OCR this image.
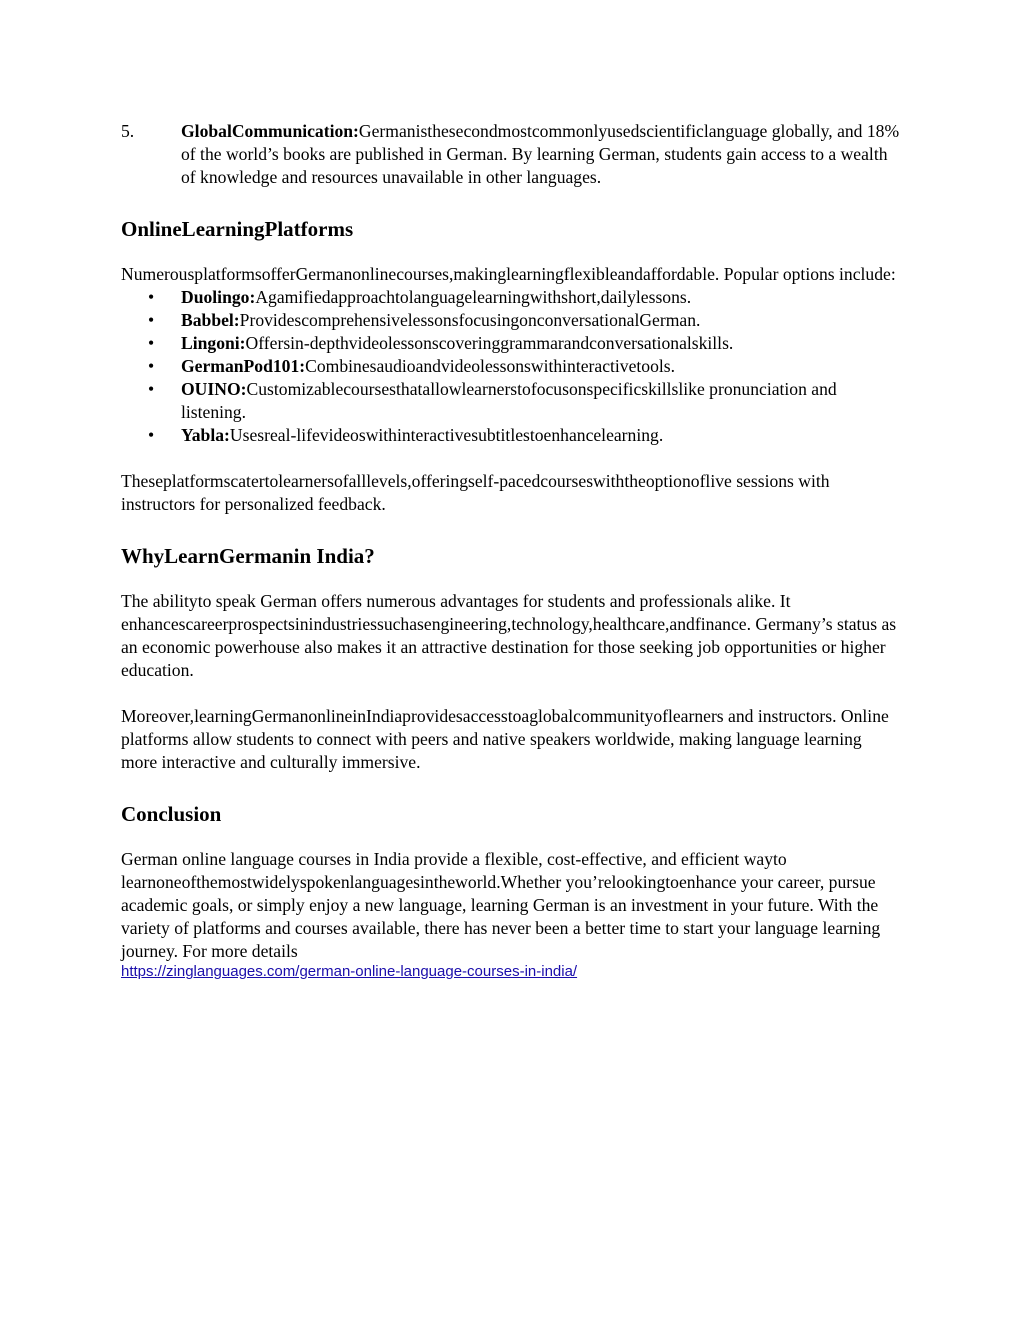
5.	GlobalCommunication:Germanisthesecondmostcommonlyusedscientificlanguage globally, and 18% of the world’s books are published in German. By learning German, students gain access to a wealth of knowledge and resources unavailable in other languages.
OnlineLearningPlatforms

NumerousplatformsofferGermanonlinecourses,makinglearningflexibleandaffordable. Popular options include:

•	Duolingo:Agamifiedapproachtolanguagelearningwithshort,dailylessons.
•	Babbel:ProvidescomprehensivelessonsfocusingonconversationalGerman.
•	Lingoni:Offersin-depthvideolessonscoveringgrammarandconversationalskills.
•	GermanPod101:Combinesaudioandvideolessonswithinteractivetools.
•	OUINO:Customizablecoursesthatallowlearnerstofocusonspecificskillslike pronunciation and listening.
•	Yabla:Usesreal-lifevideoswithinteractivesubtitlestoenhancelearning.

Theseplatformscatertolearnersofalllevels,offeringself-pacedcourseswiththeoptionoflive sessions with instructors for personalized feedback.

WhyLearnGermanin India?

The abilityto speak German offers numerous advantages for students and professionals alike. It enhancescareerprospectsinindustriessuchasengineering,technology,healthcare,andfinance. Germany’s status as an economic powerhouse also makes it an attractive destination for those seeking job opportunities or higher education.

Moreover,learningGermanonlineinIndiaprovidesaccesstoaglobalcommunityoflearners and instructors. Online platforms allow students to connect with peers and native speakers worldwide, making language learning more interactive and culturally immersive.

Conclusion

German online language courses in India provide a flexible, cost-effective, and efficient wayto learnoneofthemostwidelyspokenlanguagesintheworld.Whether you’relookingtoenhance your career, pursue academic goals, or simply enjoy a new language, learning German is an investment in your future. With the variety of platforms and courses available, there has never been a better time to start your language learning journey. For more details

https://zinglanguages.com/german-online-language-courses-in-india/
